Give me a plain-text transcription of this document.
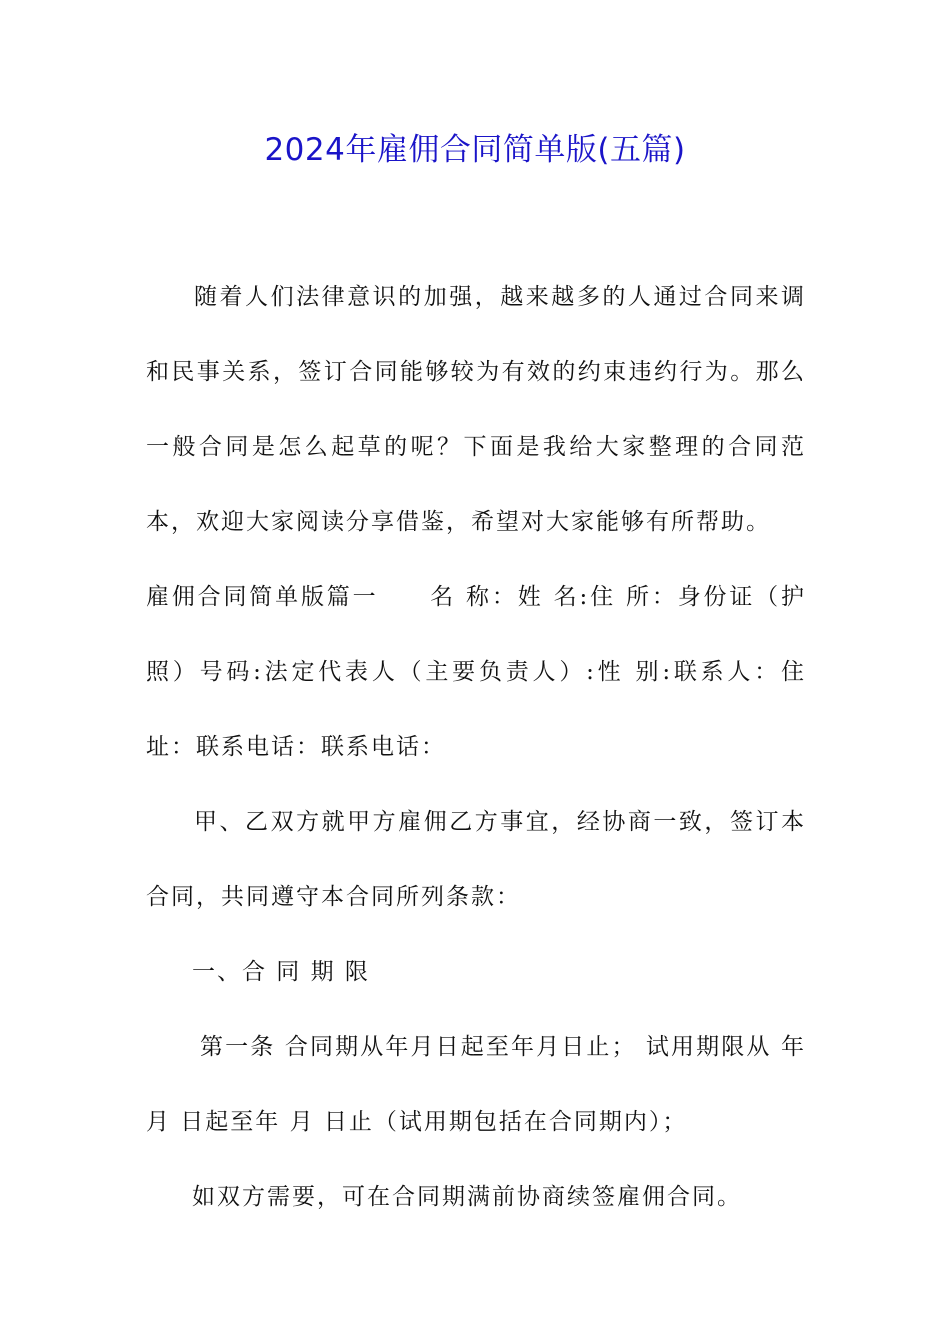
2024年雇佣合同简单版(五篇)

随着人们法律意识的加强，越来越多的人通过合同来调和民事关系，签订合同能够较为有效的约束违约行为。那么一般合同是怎么起草的呢？下面是我给大家整理的合同范本，欢迎大家阅读分享借鉴，希望对大家能够有所帮助。

雇佣合同简单版篇一　　名 称：姓 名:住 所：身份证（护照）号码:法定代表人（主要负责人）:性 别:联系人：住 址：联系电话：联系电话：

甲、乙双方就甲方雇佣乙方事宜，经协商一致，签订本合同，共同遵守本合同所列条款：

一、合 同 期 限

第一条 合同期从年月日起至年月日止； 试用期限从 年月 日起至年 月 日止（试用期包括在合同期内）；

如双方需要，可在合同期满前协商续签雇佣合同。
